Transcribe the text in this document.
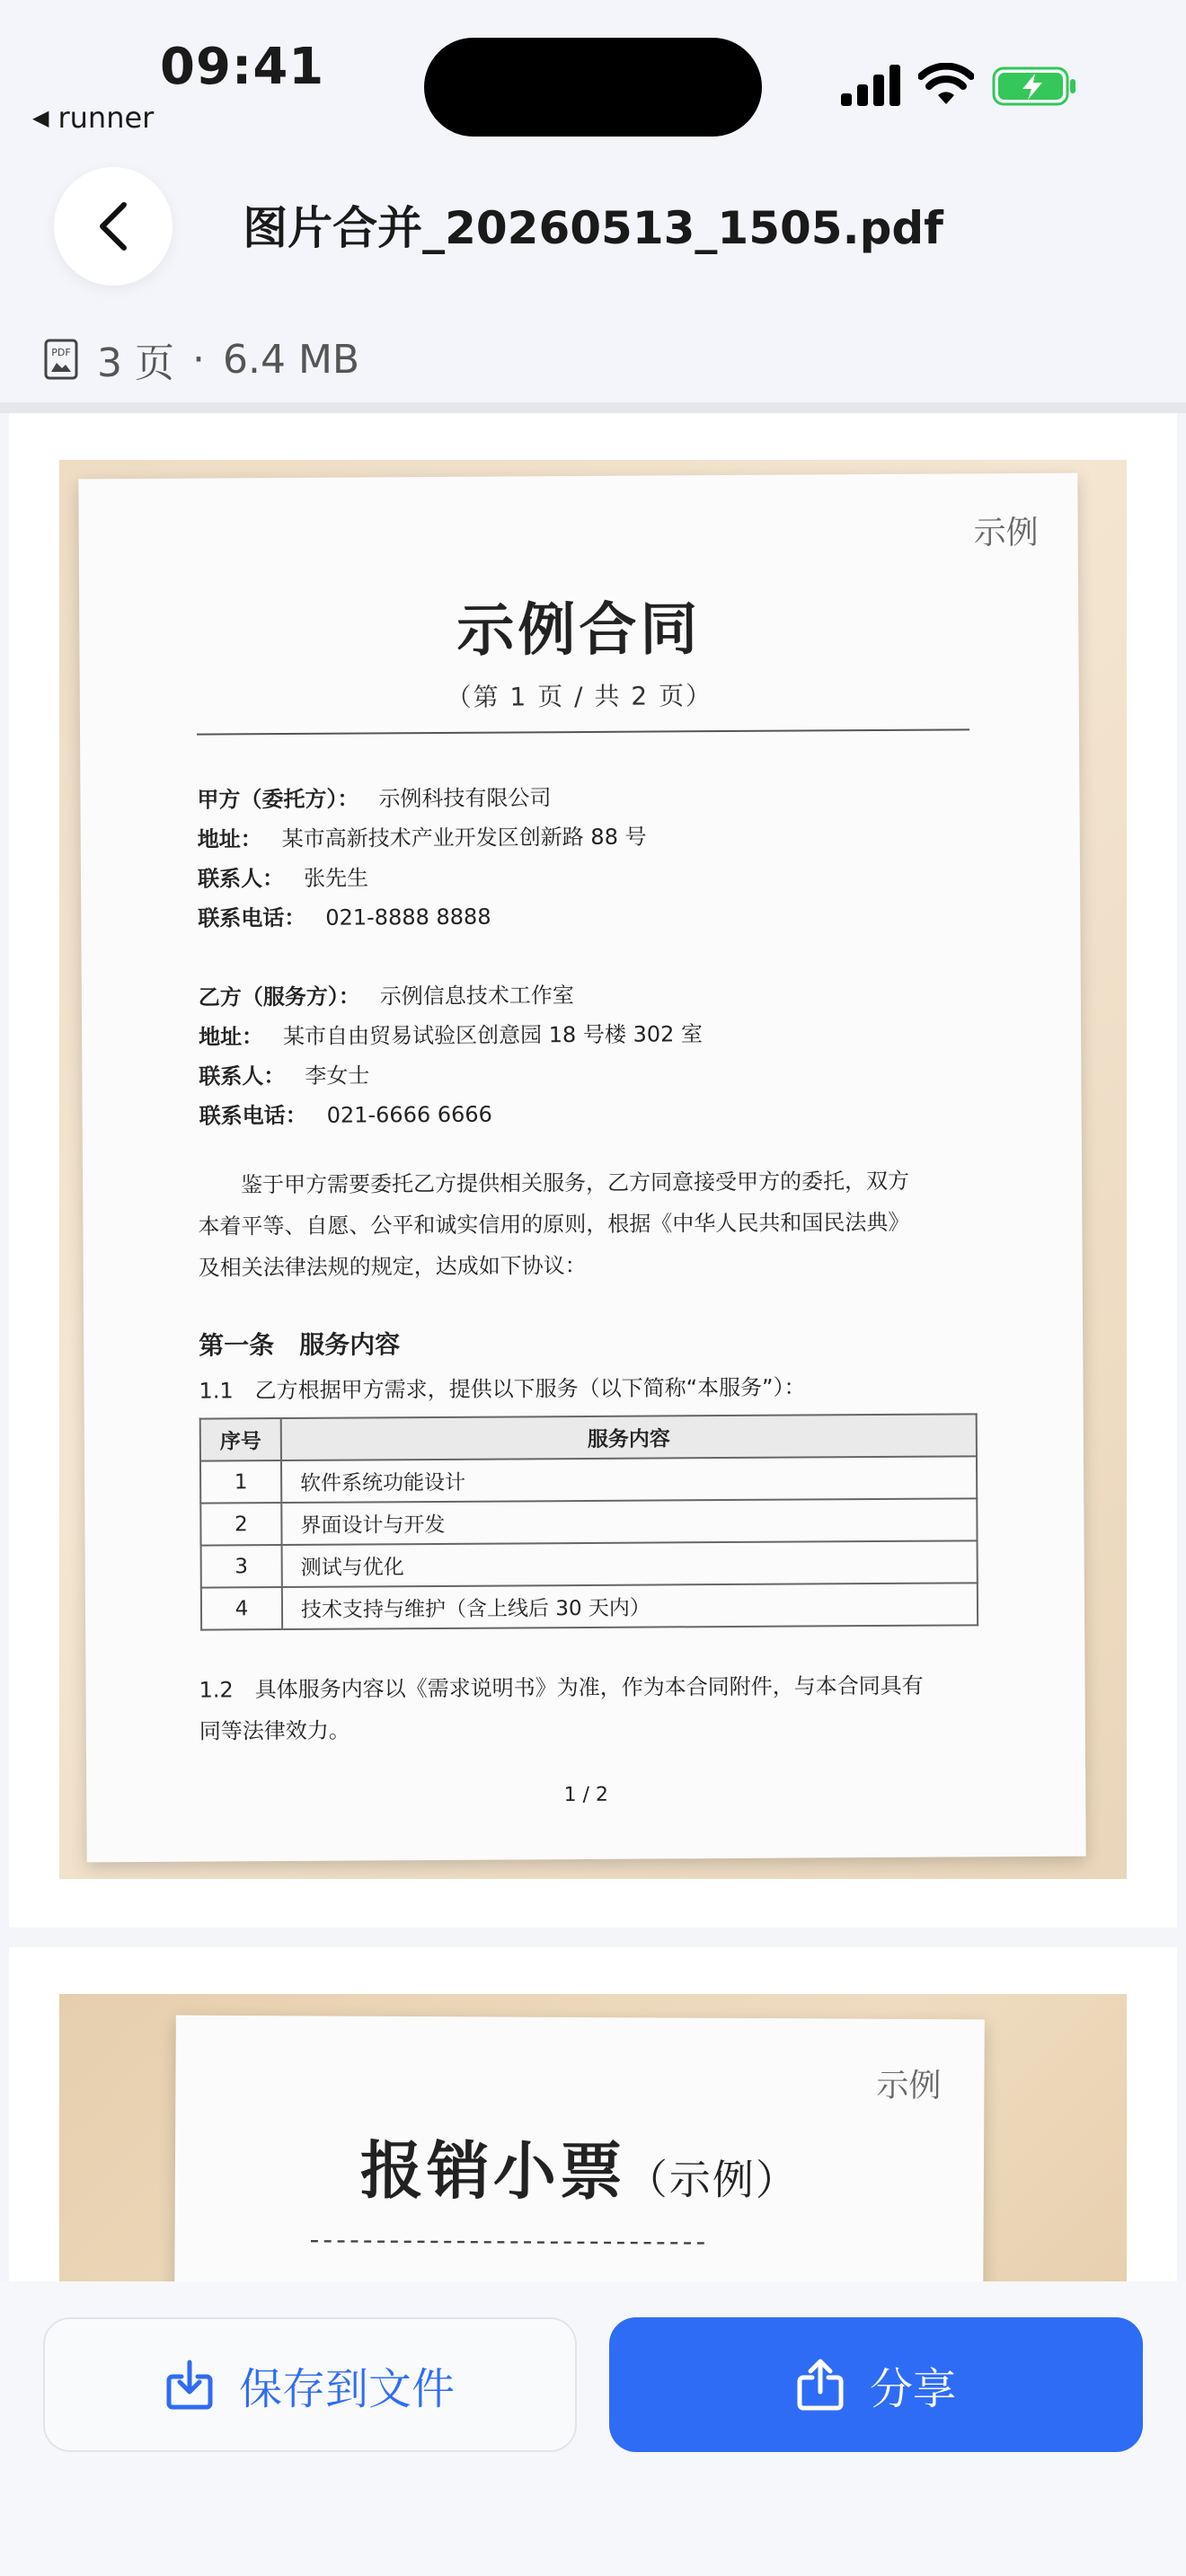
09:41
◀ runner
图片合并_20260513_1505.pdf
PDF 3 页 · 6.4 MB
示例
示例合同
（第 1 页 / 共 2 页）
甲方（委托方）： 示例科技有限公司
地址： 某市高新技术产业开发区创新路 88 号
联系人： 张先生
联系电话： 021-8888 8888
乙方（服务方）： 示例信息技术工作室
地址： 某市自由贸易试验区创意园 18 号楼 302 室
联系人： 李女士
联系电话： 021-6666 6666
　　鉴于甲方需要委托乙方提供相关服务，乙方同意接受甲方的委托，双方
本着平等、自愿、公平和诚实信用的原则，根据《中华人民共和国民法典》
及相关法律法规的规定，达成如下协议：
第一条　服务内容
1.1　乙方根据甲方需求，提供以下服务（以下简称“本服务”）：
序号	服务内容
1	软件系统功能设计
2	界面设计与开发
3	测试与优化
4	技术支持与维护（含上线后 30 天内）
1.2　具体服务内容以《需求说明书》为准，作为本合同附件，与本合同具有
同等法律效力。
1 / 2
示例
报销小票（示例）
------------------------------
保存到文件	分享
